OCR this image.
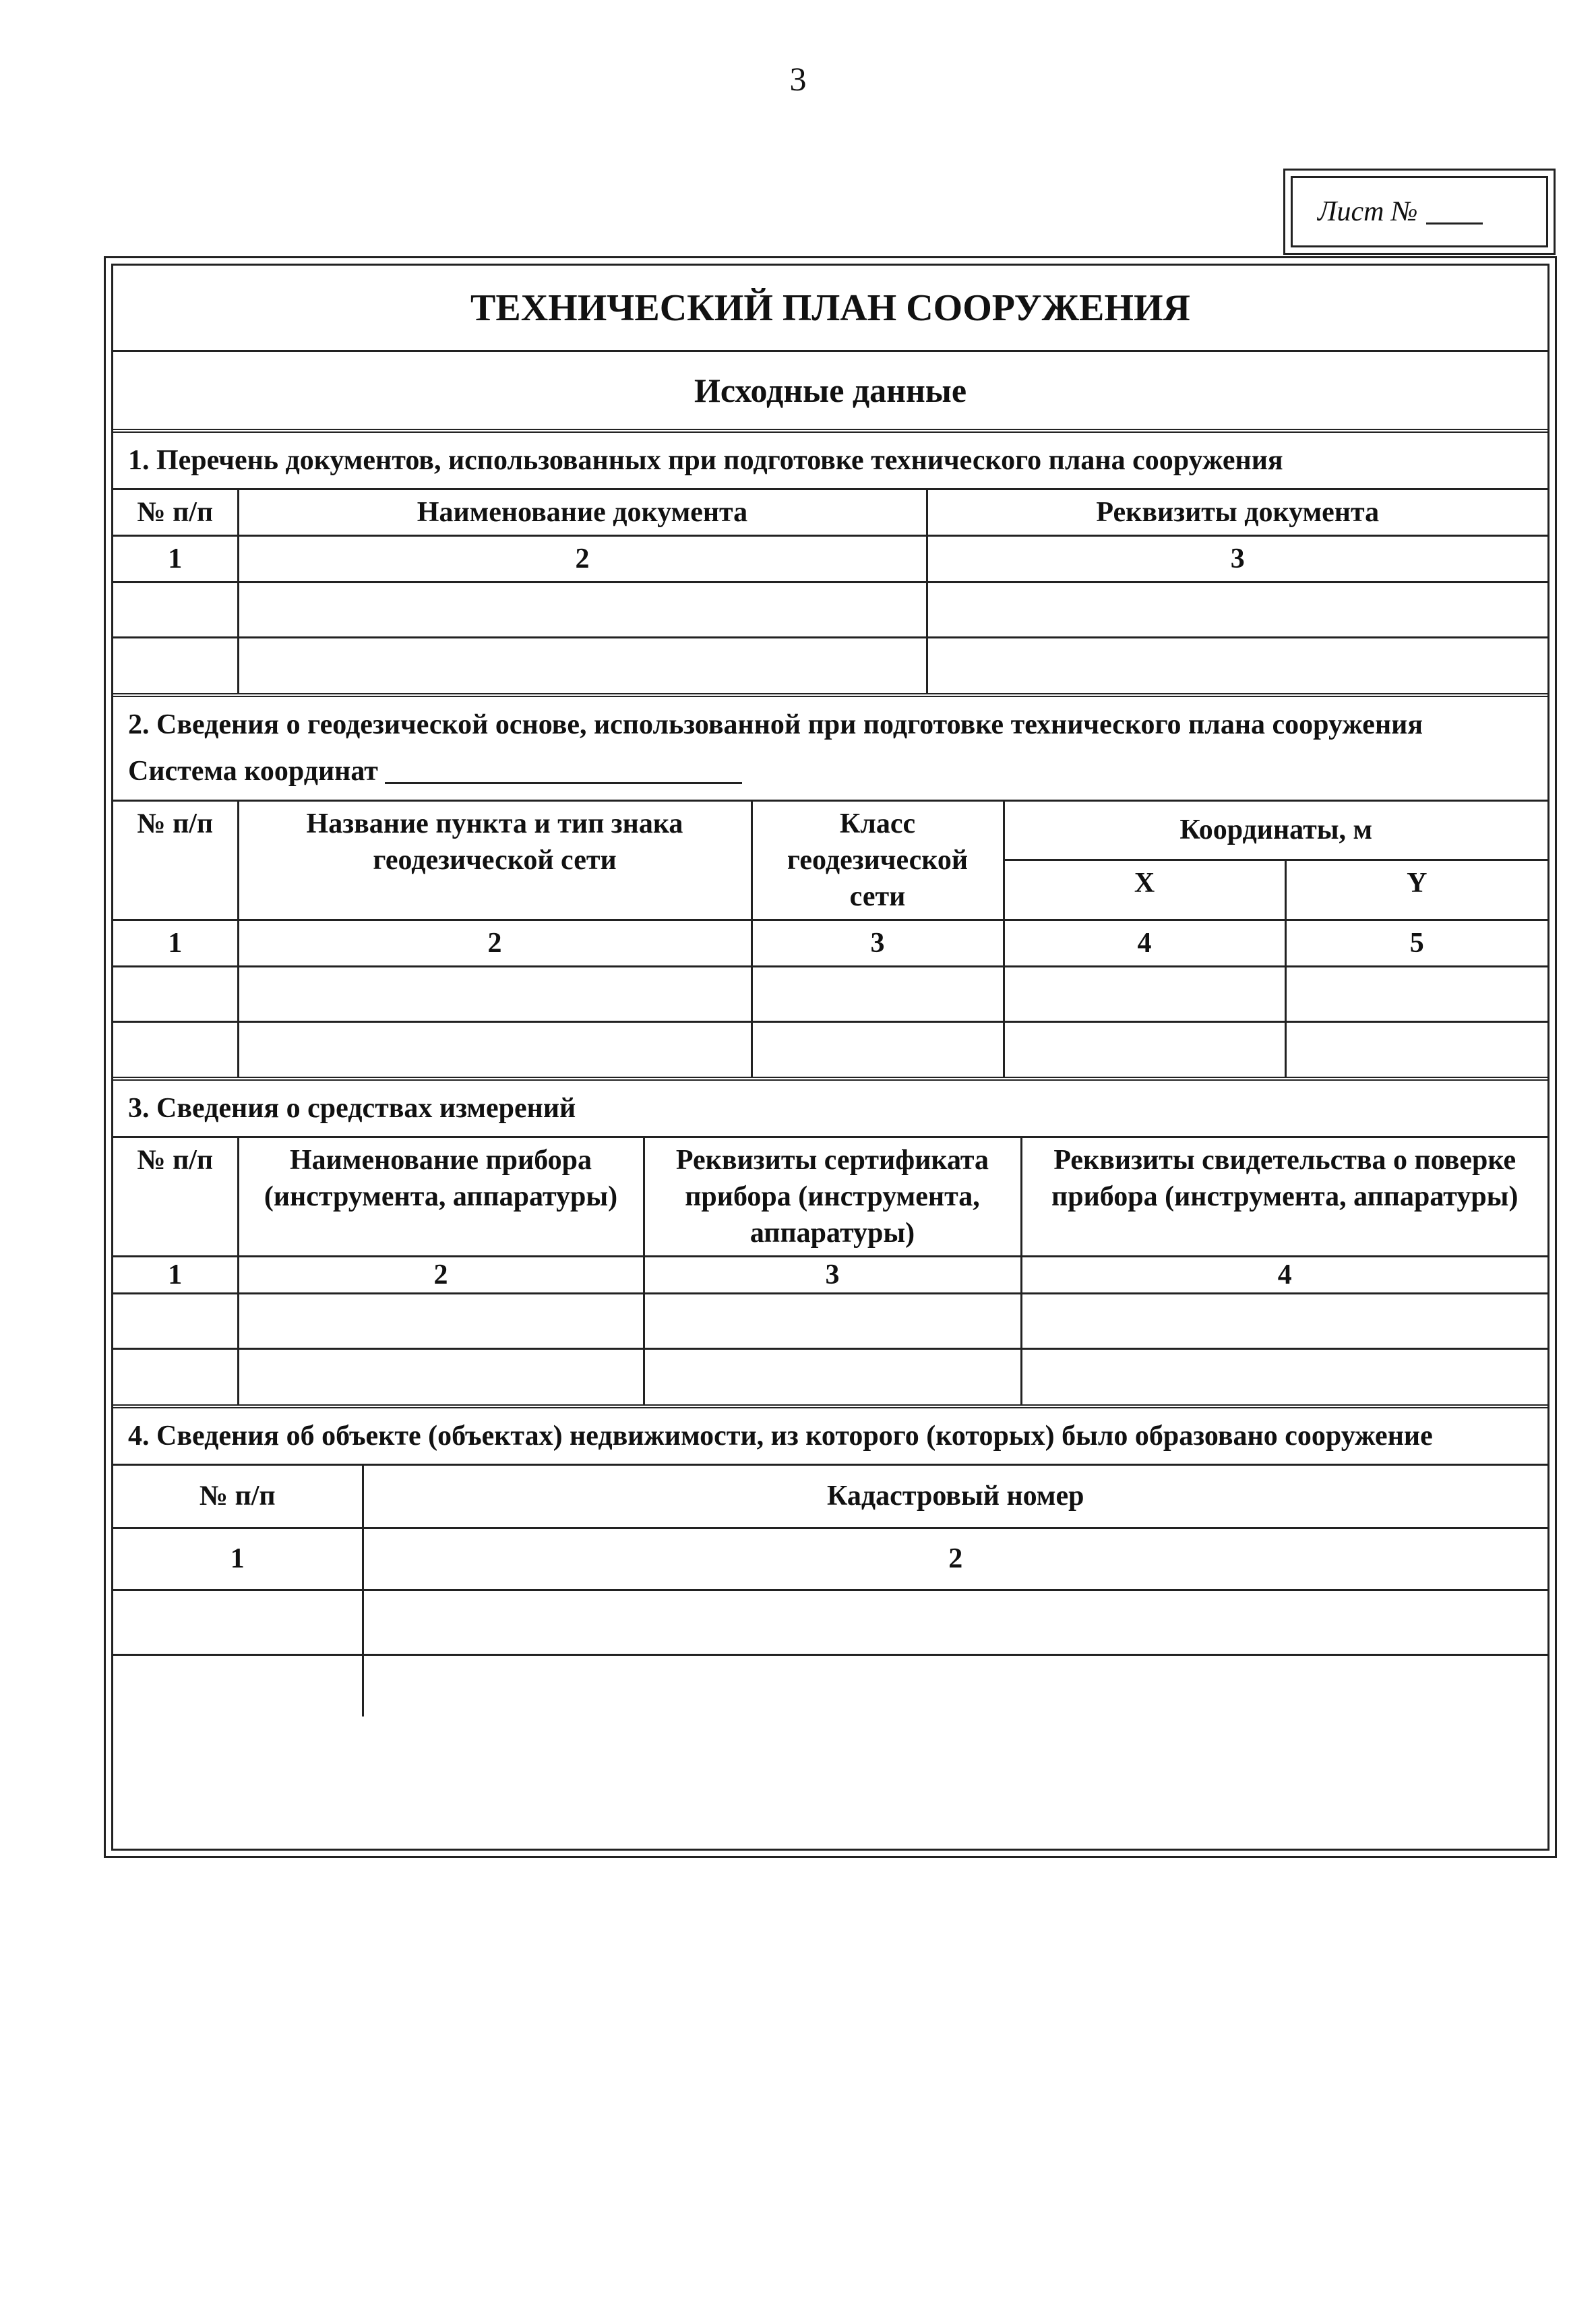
3
Лист №
ТЕХНИЧЕСКИЙ ПЛАН СООРУЖЕНИЯ
Исходные данные
1. Перечень документов, использованных при подготовке технического плана сооружения
№ п/п	Наименование документа	Реквизиты документа
1	2	3

2. Сведения о геодезической основе, использованной при подготовке технического плана сооружения
Система координат
№ п/п	Название пункта и тип знака геодезической сети	Класс геодезической сети	Координаты, м	
			X	Y
1	2	3	4	5

3. Сведения о средствах измерений
№ п/п	Наименование прибора (инструмента, аппаратуры)	Реквизиты сертификата прибора (инструмента, аппаратуры)	Реквизиты свидетельства о поверке прибора (инструмента, аппаратуры)
1	2	3	4

4. Сведения об объекте (объектах) недвижимости, из которого (которых) было образовано сооружение
№ п/п	Кадастровый номер
1	2
